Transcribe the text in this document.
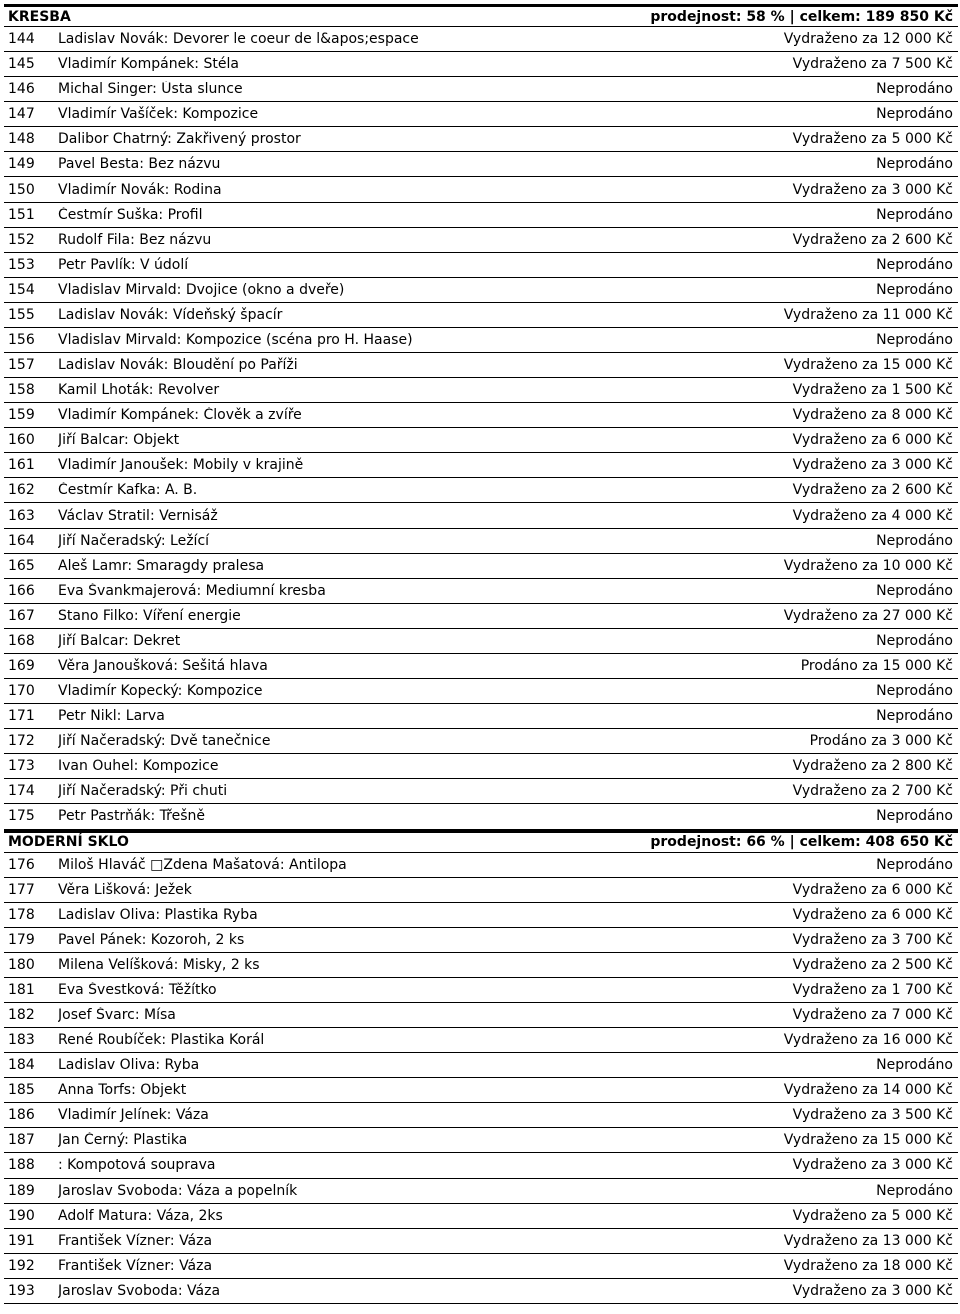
KRESBA	prodejnost: 58 % | celkem: 189 850 Kč
144	Ladislav Novák: Devorer le coeur de l&apos;espace	Vydraženo za 12 000 Kč
145	Vladimír Kompánek: Stéla	Vydraženo za 7 500 Kč
146	Michal Singer: Ústa slunce	Neprodáno
147	Vladimír Vašíček: Kompozice	Neprodáno
148	Dalibor Chatrný: Zakřivený prostor	Vydraženo za 5 000 Kč
149	Pavel Besta: Bez názvu	Neprodáno
150	Vladimír Novák: Rodina	Vydraženo za 3 000 Kč
151	Čestmír Suška: Profil	Neprodáno
152	Rudolf Fila: Bez názvu	Vydraženo za 2 600 Kč
153	Petr Pavlík: V údolí	Neprodáno
154	Vladislav Mirvald: Dvojice (okno a dveře)	Neprodáno
155	Ladislav Novák: Vídeňský špacír	Vydraženo za 11 000 Kč
156	Vladislav Mirvald: Kompozice (scéna pro H. Haase)	Neprodáno
157	Ladislav Novák: Bloudění po Paříži	Vydraženo za 15 000 Kč
158	Kamil Lhoták: Revolver	Vydraženo za 1 500 Kč
159	Vladimír Kompánek: Člověk a zvíře	Vydraženo za 8 000 Kč
160	Jiří Balcar: Objekt	Vydraženo za 6 000 Kč
161	Vladimír Janoušek: Mobily v krajině	Vydraženo za 3 000 Kč
162	Čestmír Kafka: A. B.	Vydraženo za 2 600 Kč
163	Václav Stratil: Vernisáž	Vydraženo za 4 000 Kč
164	Jiří Načeradský: Ležící	Neprodáno
165	Aleš Lamr: Smaragdy pralesa	Vydraženo za 10 000 Kč
166	Eva Švankmajerová: Mediumní kresba	Neprodáno
167	Stano Filko: Víření energie	Vydraženo za 27 000 Kč
168	Jiří Balcar: Dekret	Neprodáno
169	Věra Janoušková: Sešitá hlava	Prodáno za 15 000 Kč
170	Vladimír Kopecký: Kompozice	Neprodáno
171	Petr Nikl: Larva	Neprodáno
172	Jiří Načeradský: Dvě tanečnice	Prodáno za 3 000 Kč
173	Ivan Ouhel: Kompozice	Vydraženo za 2 800 Kč
174	Jiří Načeradský: Při chuti	Vydraženo za 2 700 Kč
175	Petr Pastrňák: Třešně	Neprodáno
MODERNÍ SKLO	prodejnost: 66 % | celkem: 408 650 Kč
176	Miloš Hlaváč □Zdena Mašatová: Antilopa	Neprodáno
177	Věra Lišková: Ježek	Vydraženo za 6 000 Kč
178	Ladislav Oliva: Plastika Ryba	Vydraženo za 6 000 Kč
179	Pavel Pánek: Kozoroh, 2 ks	Vydraženo za 3 700 Kč
180	Milena Velíšková: Misky, 2 ks	Vydraženo za 2 500 Kč
181	Eva Švestková: Těžítko	Vydraženo za 1 700 Kč
182	Josef Švarc: Mísa	Vydraženo za 7 000 Kč
183	René Roubíček: Plastika Korál	Vydraženo za 16 000 Kč
184	Ladislav Oliva: Ryba	Neprodáno
185	Anna Torfs: Objekt	Vydraženo za 14 000 Kč
186	Vladimír Jelínek: Váza	Vydraženo za 3 500 Kč
187	Jan Černý: Plastika	Vydraženo za 15 000 Kč
188	: Kompotová souprava	Vydraženo za 3 000 Kč
189	Jaroslav Svoboda: Váza a popelník	Neprodáno
190	Adolf Matura: Váza, 2ks	Vydraženo za 5 000 Kč
191	František Vízner: Váza	Vydraženo za 13 000 Kč
192	František Vízner: Váza	Vydraženo za 18 000 Kč
193	Jaroslav Svoboda: Váza	Vydraženo za 3 000 Kč
